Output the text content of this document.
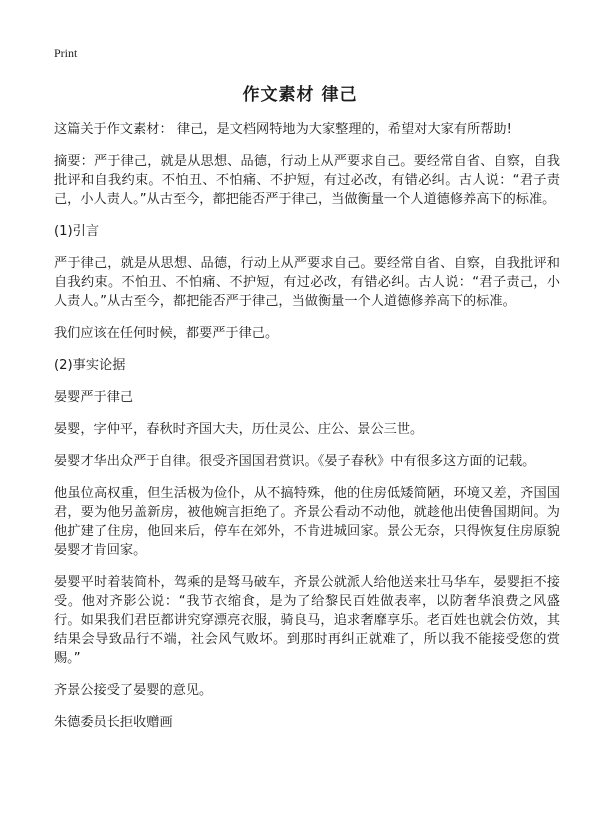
Print
作文素材 律己

这篇关于作文素材： 律己，是文档网特地为大家整理的，希望对大家有所帮助!

摘要：严于律己，就是从思想、品德，行动上从严要求自己。要经常自省、自察，自我批评和自我约束。不怕丑、不怕痛、不护短，有过必改，有错必纠。古人说：“君子责己，小人责人。”从古至今，都把能否严于律己，当做衡量一个人道德修养高下的标准。

(1)引言

严于律己，就是从思想、品德，行动上从严要求自己。要经常自省、自察，自我批评和自我约束。不怕丑、不怕痛、不护短，有过必改，有错必纠。古人说：“君子责己，小人责人。”从古至今，都把能否严于律己，当做衡量一个人道德修养高下的标准。

我们应该在任何时候，都要严于律己。

(2)事实论据

晏婴严于律己

晏婴，字仲平，春秋时齐国大夫，历仕灵公、庄公、景公三世。

晏婴才华出众严于自律。很受齐国国君赏识。《晏子春秋》中有很多这方面的记载。

他虽位高权重，但生活极为俭仆，从不搞特殊，他的住房低矮简陋，环境又差，齐国国君，要为他另盖新房，被他婉言拒绝了。齐景公看动不动他，就趁他出使鲁国期间。为他扩建了住房，他回来后，停车在郊外，不肯进城回家。景公无奈，只得恢复住房原貌晏婴才肯回家。

晏婴平时着装简朴，驾乘的是驽马破车，齐景公就派人给他送来壮马华车，晏婴拒不接受。他对齐影公说：“我节衣缩食，是为了给黎民百姓做表率，以防奢华浪费之风盛行。如果我们君臣都讲究穿漂亮衣服，骑良马，追求奢靡享乐。老百姓也就会仿效，其结果会导致品行不端，社会风气败坏。到那时再纠正就难了，所以我不能接受您的赏赐。”

齐景公接受了晏婴的意见。

朱德委员长拒收赠画
